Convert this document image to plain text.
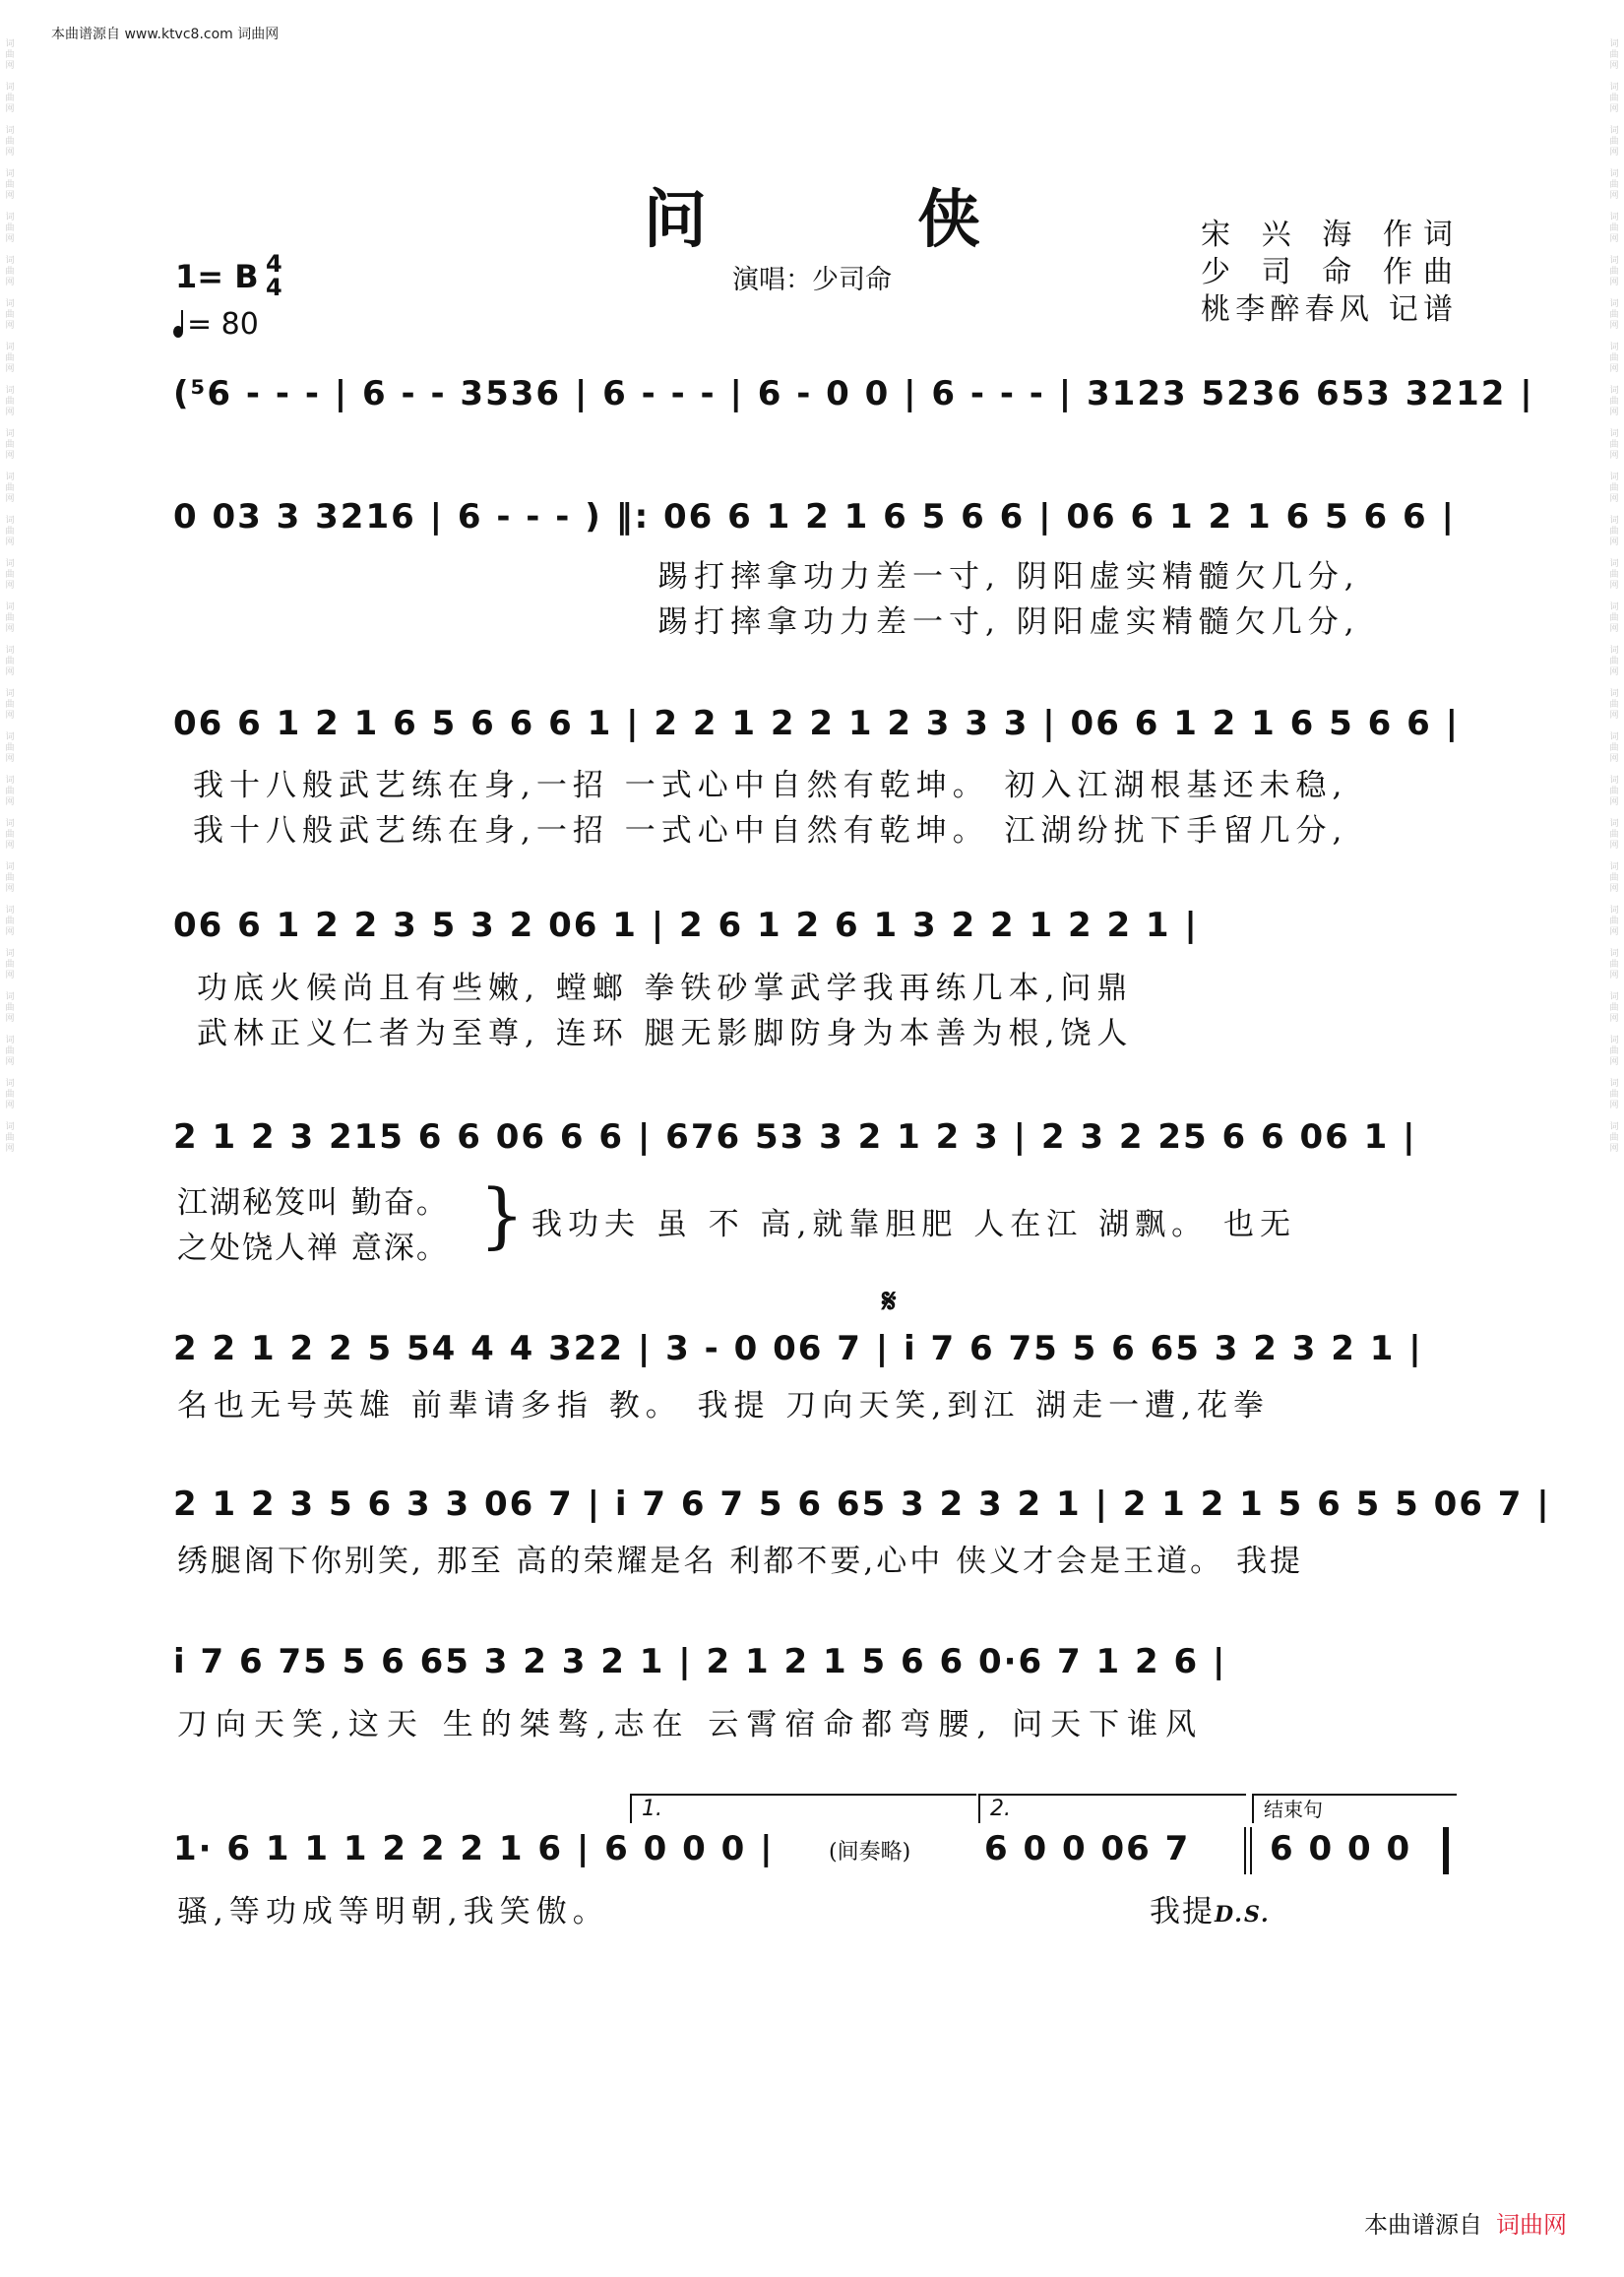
本曲谱源自 www.ktvc8.com 词曲网
词曲网

词曲网

词曲网

词曲网

词曲网

词曲网

词曲网

词曲网

词曲网

词曲网

词曲网

词曲网

词曲网

词曲网

词曲网

词曲网

词曲网

词曲网

词曲网

词曲网

词曲网

词曲网

词曲网

词曲网

词曲网

词曲网
词曲网

词曲网

词曲网

词曲网

词曲网

词曲网

词曲网

词曲网

词曲网

词曲网

词曲网

词曲网

词曲网

词曲网

词曲网

词曲网

词曲网

词曲网

词曲网

词曲网

词曲网

词曲网

词曲网

词曲网

词曲网

词曲网
问 侠
演唱：少司命
宋 兴 海 作词
少 司 命 作曲
桃李醉春风 记谱
1= B 4
4
= 80
(⁵6 - - - | 6 - - 3536 | 6 - - - | 6 - 0 0 | 6 - - - | 3123 5236 653 3212 |
0 03 3 3216 | 6 - - - ) ‖: 06 6 1 2 1 6 5 6 6 | 06 6 1 2 1 6 5 6 6 |
踢打摔拿功力差一寸, 阴阳虚实精髓欠几分,
踢打摔拿功力差一寸, 阴阳虚实精髓欠几分,
06 6 1 2 1 6 5 6 6 6 1 | 2 2 1 2 2 1 2 3 3 3 | 06 6 1 2 1 6 5 6 6 |
我十八般武艺练在身,一招 一式心中自然有乾坤。 初入江湖根基还未稳,
我十八般武艺练在身,一招 一式心中自然有乾坤。 江湖纷扰下手留几分,
06 6 1 2 2 3 5 3 2 06 1 | 2 6 1 2 6 1 3 2 2 1 2 2 1 |
功底火候尚且有些嫩, 螳螂 拳铁砂掌武学我再练几本,问鼎
武林正义仁者为至尊, 连环 腿无影脚防身为本善为根,饶人
2 1 2 3 215 6 6 06 6 6 | 676 53 3 2 1 2 3 | 2 3 2 25 6 6 06 1 |
江湖秘笈叫 勤奋。
之处饶人禅 意深。 } 我功夫 虽 不 高,就靠胆肥 人在江 湖飘。 也无
𝄋
2 2 1 2 2 5 54 4 4 322 | 3 - 0 06 7 | i 7 6 75 5 6 65 3 2 3 2 1 |
名也无号英雄 前辈请多指 教。 我提 刀向天笑,到江 湖走一遭,花拳
2 1 2 3 5 6 3 3 06 7 | i 7 6 7 5 6 65 3 2 3 2 1 | 2 1 2 1 5 6 5 5 06 7 |
绣腿阁下你别笑, 那至 高的荣耀是名 利都不要,心中 侠义才会是王道。 我提
i 7 6 75 5 6 65 3 2 3 2 1 | 2 1 2 1 5 6 6 0·6 7 1 2 6 |
刀向天笑,这天 生的桀骜,志在 云霄宿命都弯腰, 问天下谁风
1.	2.	结束句
1· 6 1 1 1 2 2 2 1 6 | 6 0 0 0 |	(间奏略) 6 0 0 06 7 6 0 0 0
骚,等功成等明朝,我笑傲。	我提D.S.
本曲谱源自 词曲网
